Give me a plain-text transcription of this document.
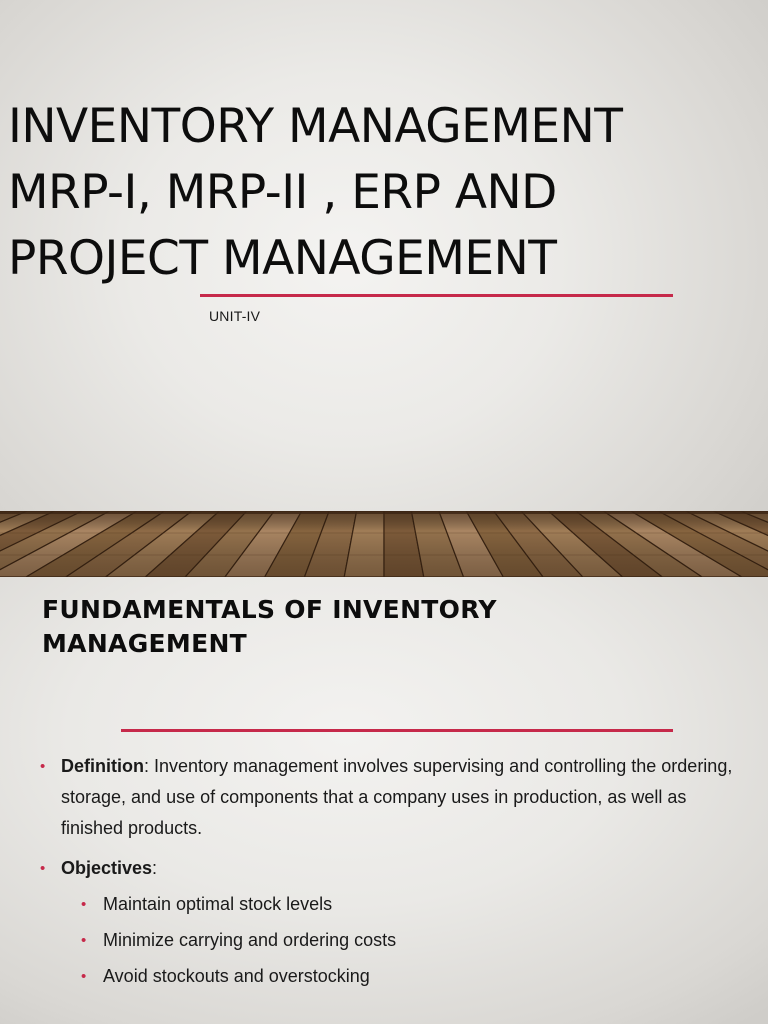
INVENTORY MANAGEMENT
MRP-I, MRP-II , ERP AND
PROJECT MANAGEMENT
UNIT-IV
FUNDAMENTALS OF INVENTORY
MANAGEMENT
• Definition: Inventory management involves supervising and controlling the ordering, storage, and use of components that a company uses in production, as well as finished products.
• Objectives:
• Maintain optimal stock levels
• Minimize carrying and ordering costs
• Avoid stockouts and overstocking
